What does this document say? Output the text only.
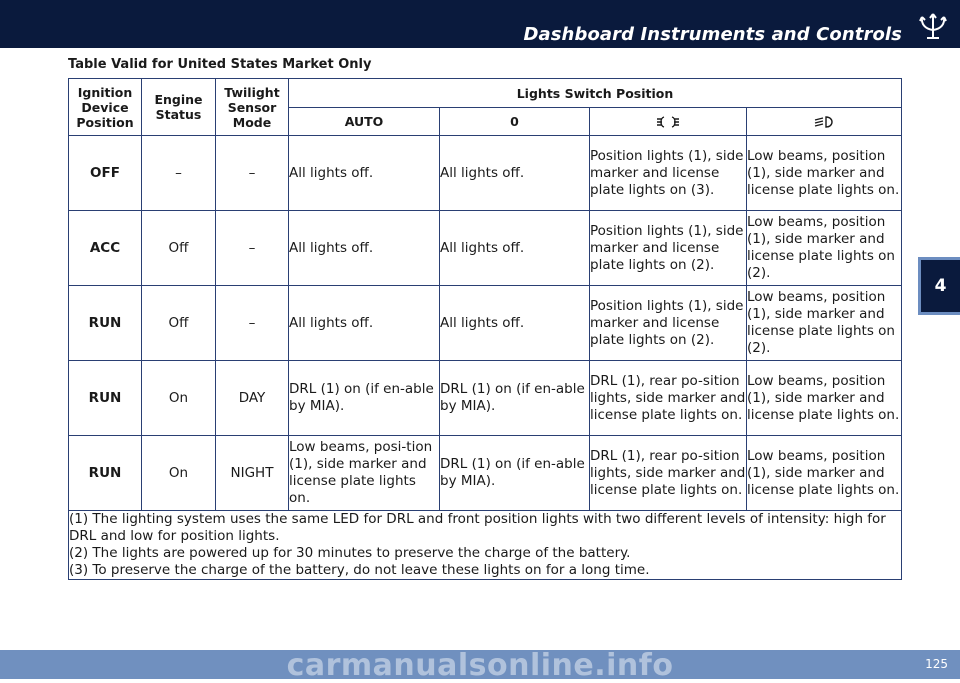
Dashboard Instruments and Controls
4
Table Valid for United States Market Only
Ignition Device Position	Engine Status	Twilight Sensor Mode	Lights Switch Position			
			AUTO	0		
OFF	–	–	All lights off.	All lights off.	Position lights (1), side marker and license plate lights on (3).	Low beams, position (1), side marker and license plate lights on.
ACC	Off	–	All lights off.	All lights off.	Position lights (1), side marker and license plate lights on (2).	Low beams, position (1), side marker and license plate lights on (2).
RUN	Off	–	All lights off.	All lights off.	Position lights (1), side marker and license plate lights on (2).	Low beams, position (1), side marker and license plate lights on (2).
RUN	On	DAY	DRL (1) on (if en-able by MIA).	DRL (1) on (if en-able by MIA).	DRL (1), rear po-sition lights, side marker and license plate lights on.	Low beams, position (1), side marker and license plate lights on.
RUN	On	NIGHT	Low beams, posi-tion (1), side marker and license plate lights on.	DRL (1) on (if en-able by MIA).	DRL (1), rear po-sition lights, side marker and license plate lights on.	Low beams, position (1), side marker and license plate lights on.

(1) The lighting system uses the same LED for DRL and front position lights with two different levels of intensity: high for DRL and low for position lights.
(2) The lights are powered up for 30 minutes to preserve the charge of the battery.
(3) To preserve the charge of the battery, do not leave these lights on for a long time.						
carmanualsonline.info	125
